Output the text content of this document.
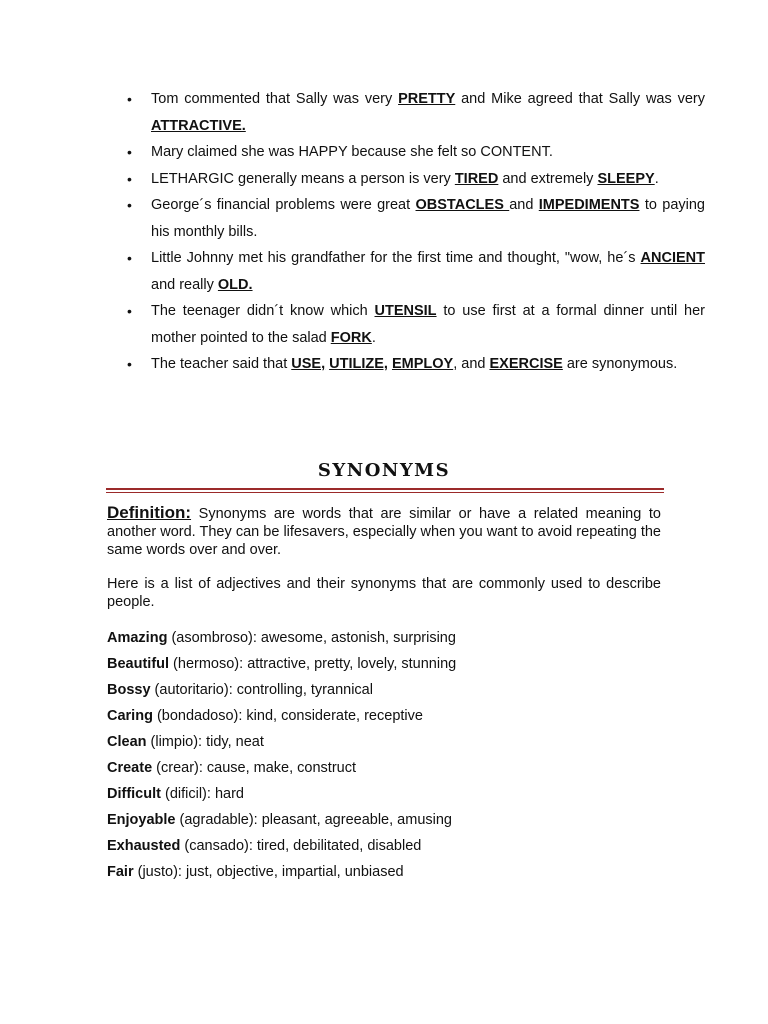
• Tom commented that Sally was very PRETTY and Mike agreed that Sally was very ATTRACTIVE.
• Mary claimed she was HAPPY because she felt so CONTENT.
• LETHARGIC generally means a person is very TIRED and extremely SLEEPY.
• George´s financial problems were great OBSTACLES and IMPEDIMENTS to paying his monthly bills.
• Little Johnny met his grandfather for the first time and thought, "wow, he´s ANCIENT and really OLD.
• The teenager didn´t know which UTENSIL to use first at a formal dinner until her mother pointed to the salad FORK.
• The teacher said that USE, UTILIZE, EMPLOY, and EXERCISE are synonymous.
SYNONYMS

Definition: Synonyms are words that are similar or have a related meaning to another word. They can be lifesavers, especially when you want to avoid repeating the same words over and over.

Here is a list of adjectives and their synonyms that are commonly used to describe people.

Amazing (asombroso): awesome, astonish, surprising
Beautiful (hermoso): attractive, pretty, lovely, stunning
Bossy (autoritario): controlling, tyrannical
Caring (bondadoso): kind, considerate, receptive
Clean (limpio): tidy, neat
Create (crear): cause, make, construct
Difficult (dificil): hard
Enjoyable (agradable): pleasant, agreeable, amusing
Exhausted (cansado): tired, debilitated, disabled
Fair (justo): just, objective, impartial, unbiased
